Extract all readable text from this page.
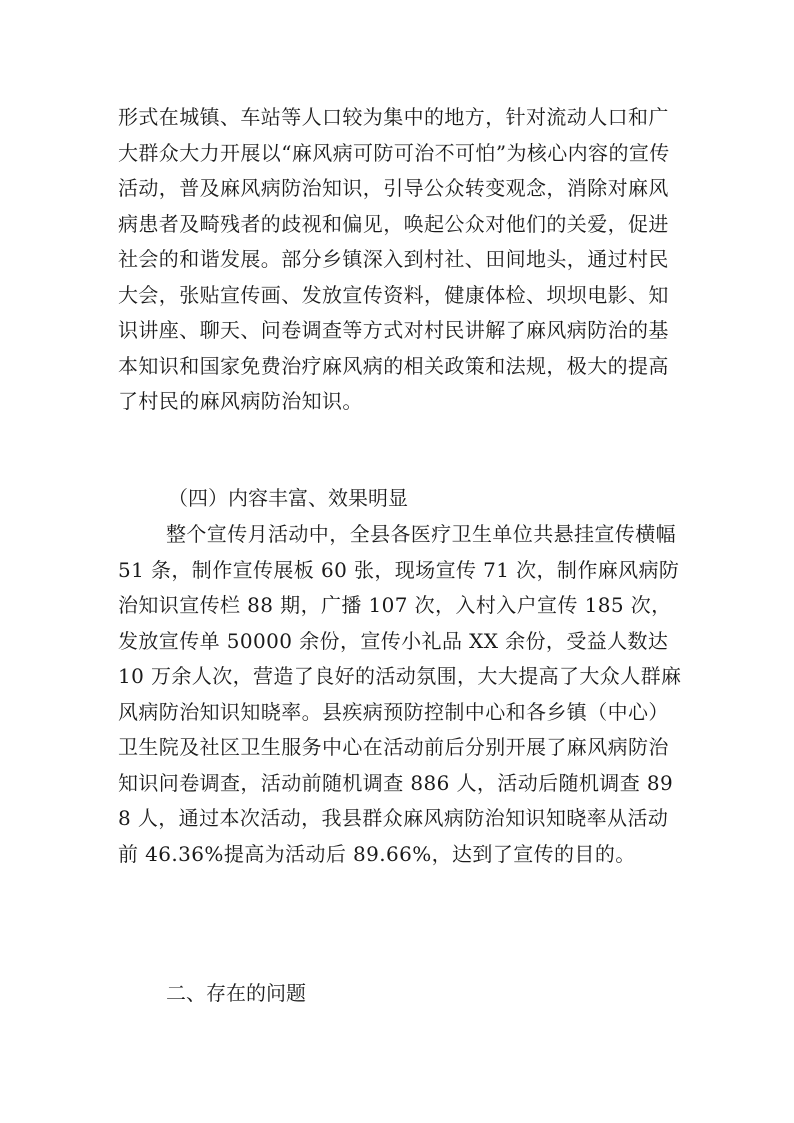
形式在城镇、车站等人口较为集中的地方，针对流动人口和广大群众大力开展以“麻风病可防可治不可怕”为核心内容的宣传活动，普及麻风病防治知识，引导公众转变观念，消除对麻风病患者及畸残者的歧视和偏见，唤起公众对他们的关爱，促进社会的和谐发展。部分乡镇深入到村社、田间地头，通过村民大会，张贴宣传画、发放宣传资料，健康体检、坝坝电影、知识讲座、聊天、问卷调查等方式对村民讲解了麻风病防治的基本知识和国家免费治疗麻风病的相关政策和法规，极大的提高了村民的麻风病防治知识。

（四）内容丰富、效果明显

整个宣传月活动中，全县各医疗卫生单位共悬挂宣传横幅 51 条，制作宣传展板 60 张，现场宣传 71 次，制作麻风病防治知识宣传栏 88 期，广播 107 次，入村入户宣传 185 次，发放宣传单 50000 余份，宣传小礼品 XX 余份，受益人数达 10 万余人次，营造了良好的活动氛围，大大提高了大众人群麻风病防治知识知晓率。县疾病预防控制中心和各乡镇（中心）卫生院及社区卫生服务中心在活动前后分别开展了麻风病防治知识问卷调查，活动前随机调查 886 人，活动后随机调查 898 人，通过本次活动，我县群众麻风病防治知识知晓率从活动前 46.36%提高为活动后 89.66%，达到了宣传的目的。

二、存在的问题
